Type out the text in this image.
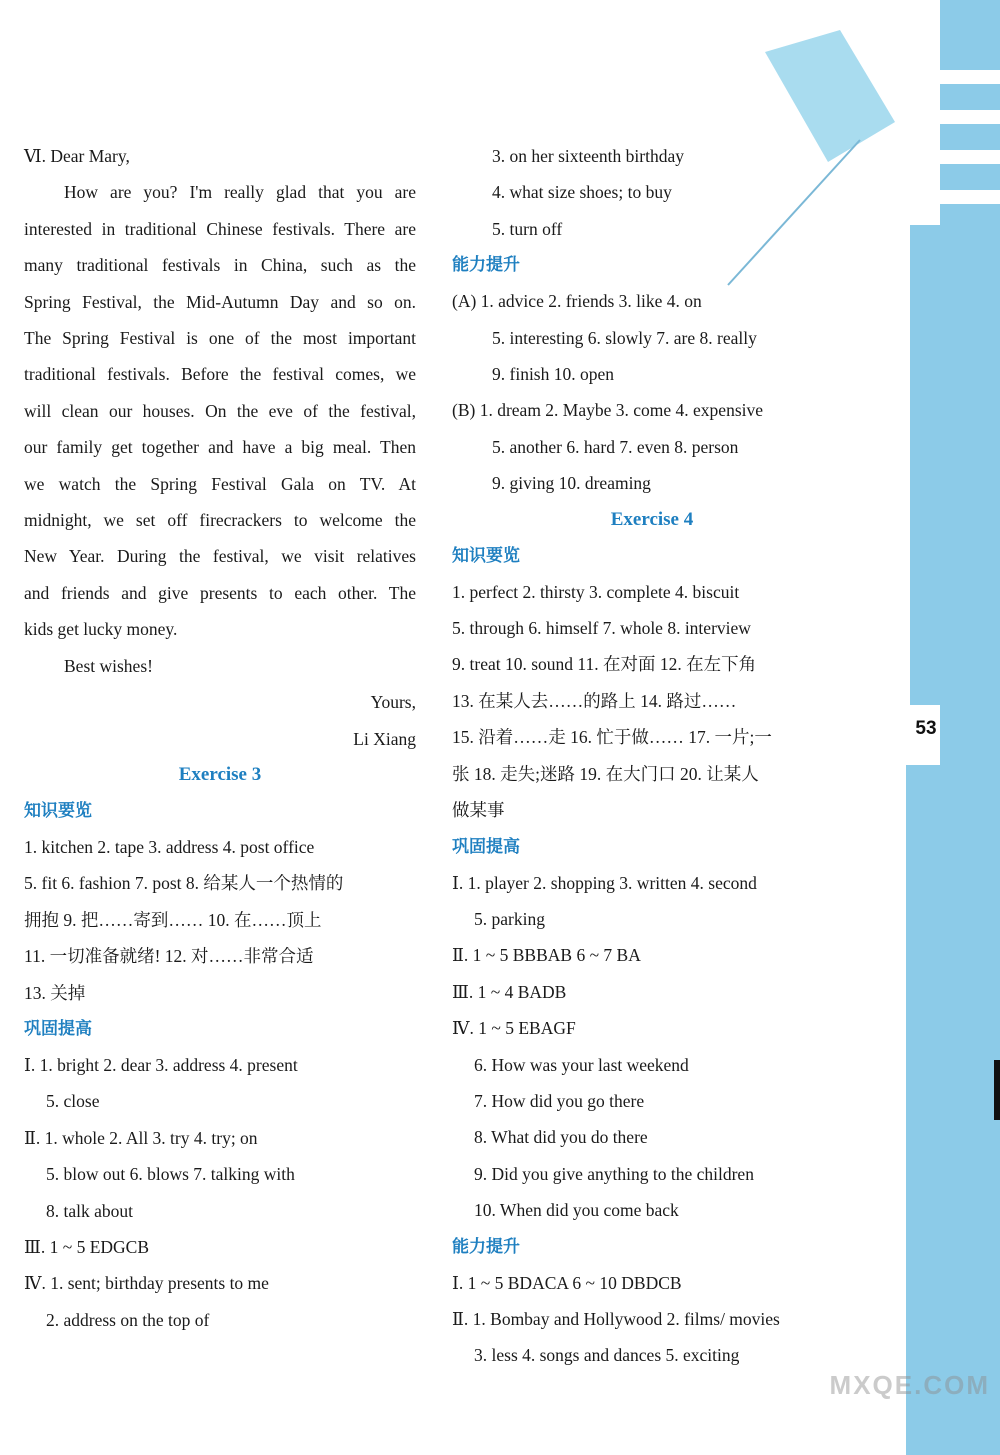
53
MXQE.COM
Ⅵ. Dear Mary,
How are you? I'm really glad that you are
interested in traditional Chinese festivals. There are
many traditional festivals in China, such as the
Spring Festival, the Mid-Autumn Day and so on.
The Spring Festival is one of the most important
traditional festivals. Before the festival comes, we
will clean our houses. On the eve of the festival,
our family get together and have a big meal. Then
we watch the Spring Festival Gala on TV. At
midnight, we set off firecrackers to welcome the
New Year. During the festival, we visit relatives
and friends and give presents to each other. The
kids get lucky money.
Best wishes!
Yours,
Li Xiang
Exercise 3
知识要览
1. kitchen 2. tape 3. address 4. post office
5. fit 6. fashion 7. post 8. 给某人一个热情的
拥抱 9. 把……寄到…… 10. 在……顶上
11. 一切准备就绪! 12. 对……非常合适
13. 关掉
巩固提高
Ⅰ. 1. bright 2. dear 3. address 4. present
5. close
Ⅱ. 1. whole 2. All 3. try 4. try; on
5. blow out 6. blows 7. talking with
8. talk about
Ⅲ. 1 ~ 5 EDGCB
Ⅳ. 1. sent; birthday presents to me
2. address on the top of
3. on her sixteenth birthday
4. what size shoes; to buy
5. turn off
能力提升
(A) 1. advice 2. friends 3. like 4. on
5. interesting 6. slowly 7. are 8. really
9. finish 10. open
(B) 1. dream 2. Maybe 3. come 4. expensive
5. another 6. hard 7. even 8. person
9. giving 10. dreaming
Exercise 4
知识要览
1. perfect 2. thirsty 3. complete 4. biscuit
5. through 6. himself 7. whole 8. interview
9. treat 10. sound 11. 在对面 12. 在左下角
13. 在某人去……的路上 14. 路过……
15. 沿着……走 16. 忙于做…… 17. 一片;一
张 18. 走失;迷路 19. 在大门口 20. 让某人
做某事
巩固提高
Ⅰ. 1. player 2. shopping 3. written 4. second
5. parking
Ⅱ. 1 ~ 5 BBBAB 6 ~ 7 BA
Ⅲ. 1 ~ 4 BADB
Ⅳ. 1 ~ 5 EBAGF
6. How was your last weekend
7. How did you go there
8. What did you do there
9. Did you give anything to the children
10. When did you come back
能力提升
Ⅰ. 1 ~ 5 BDACA 6 ~ 10 DBDCB
Ⅱ. 1. Bombay and Hollywood 2. films/ movies
3. less 4. songs and dances 5. exciting
